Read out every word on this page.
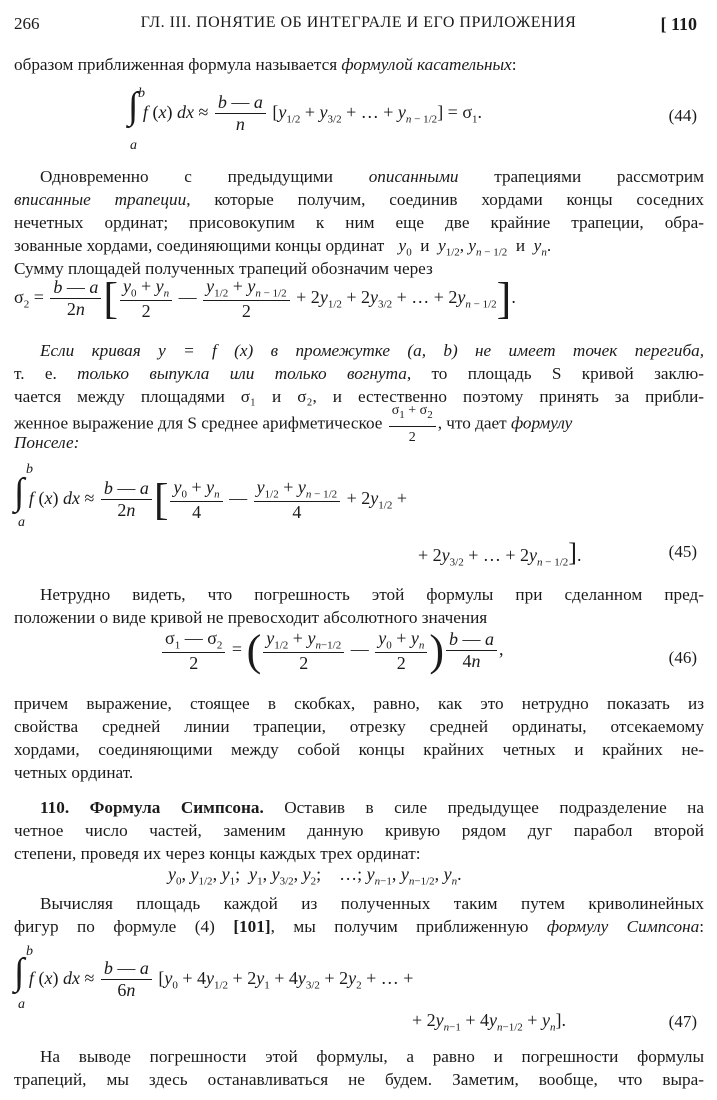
266	ГЛ. III. ПОНЯТИЕ ОБ ИНТЕГРАЛЕ И ЕГО ПРИЛОЖЕНИЯ	[ 110
образом приближенная формула называется формулой касательных:
∫ f (x) dx ≈ $\frac{b — a}{n} [y_{1/2} + y_{3/2}$ + … + $y_{n - 1/2}] = \sigma_1$.
b
a
(44)
Одновременно с предыдущими описанными трапециями рассмотрим
вписанные трапеции, которые получим, соединив хордами концы соседних
нечетных ординат; присовокупим к ним еще две крайние трапеции, обра-
зованные хордами, соединяющими концы ординат $y_0$  и  $y_{1/2}$, $y_{n - 1/2}$  и  $y_n$.
Сумму площадей полученных трапеций обозначим через
$\sigma_2 = \frac{b — a}{2n}$ [ $\frac{y_0 + y_n}{2}$ — $\frac{y_{1/2} + y_{n - 1/2}}{2} + 2y_{1/2} + 2y_{3/2}$ + … + $2y_{n - 1/2}$].
Если кривая y = f (x) в промежутке (a, b) не имеет точек перегиба,
т. е. только выпукла или только вогнута, то площадь S кривой заклю-
чается между площадями σ₁ и σ₂, и естественно поэтому принять за прибли-
женное выражение для S среднее арифметическое $\frac{\sigma_1 + \sigma_2}{2}$ , что дает формулу
Понселе:
∫ f (x) dx ≈ $\frac{b — a}{2n}$ [ $\frac{y_0 + y_n}{4}$ — $\frac{y_{1/2} + y_{n - 1/2}}{4} + 2y_{1/2}$ +
b
a
+ $2y_{3/2}$ + … + $2y_{n - 1/2}$].	(45)
Нетрудно видеть, что погрешность этой формулы при сделанном пред-
положении о виде кривой не превосходит абсолютного значения
$\frac{\sigma_1 — \sigma_2}{2}$ = ( $\frac{y_{1/2} + y_{n-1/2}}{2}$ — $\frac{y_0 + y_n}{2}$ ) $\frac{b — a}{4n}$ ,	(46)
причем выражение, стоящее в скобках, равно, как это нетрудно показать из
свойства средней линии трапеции, отрезку средней ординаты, отсекаемому
хордами, соединяющими между собой концы крайних четных и крайних не-
четных ординат.
110. Формула Симпсона. Оставив в силе предыдущее подразделение на
четное число частей, заменим данную кривую рядом дуг парабол второй
степени, проведя их через концы каждых трех ординат:
$y_0$, $y_{1/2}$, $y_1$;  $y_1$, $y_{3/2}$, $y_2$;    …; $y_{n-1}$, $y_{n-1/2}$, $y_n$.
Вычисляя площадь каждой из полученных таким путем криволинейных
фигур по формуле (4) [101], мы получим приближенную формулу Симпсона:
∫ f (x) dx ≈ $\frac{b — a}{6n} [y_0 + 4y_{1/2} + 2y_1 + 4y_{3/2} + 2y_2$ + … +
b
a
+ $2y_{n-1} + 4y_{n-1/2} + y_n$].	(47)
На выводе погрешности этой формулы, а равно и погрешности формулы
трапеций, мы здесь останавливаться не будем. Заметим, вообще, что выра-
